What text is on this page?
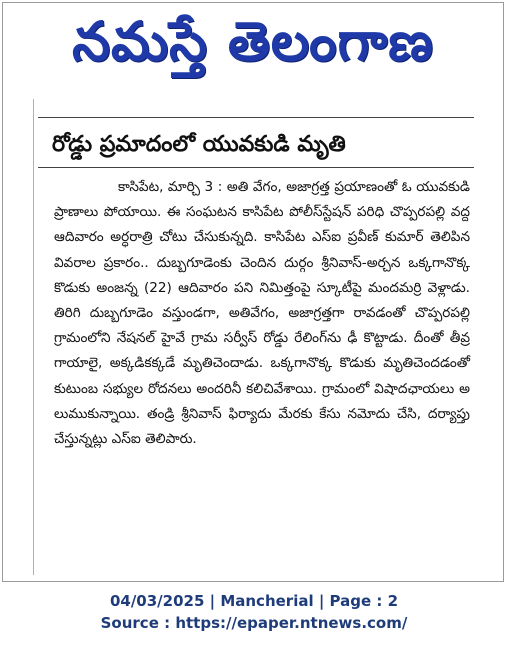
నమస్తే తెలంగాణ
రోడ్డు ప్రమాదంలో యువకుడి మృతి
కాసిపేట, మార్చి 3 : అతి వేగం, అజాగ్రత్త ప్రయాణంతో ఓ యువకుడి ప్రాణాలు పోయాయి. ఈ సంఘటన కాసిపేట పోలీస్‌స్టేషన్ పరిధి చొప్పరపల్లి వద్ద ఆదివారం అర్ధరాత్రి చోటు చేసుకున్నది. కాసిపేట ఎస్ఐ ప్రవీణ్ కుమార్ తెలిపిన వివరాల ప్రకారం.. దుబ్బగూడెంకు చెందిన దుర్గం శ్రీనివాస్-అర్చన ఒక్కగానొక్క కొడుకు అంజన్న (22) ఆదివారం పని నిమిత్తంపై స్కూటీపై మందమర్రి వెళ్లాడు. తిరిగి దుబ్బగూడెం వస్తుండగా, అతివేగం, అజాగ్రత్తగా రావడంతో చొప్పరపల్లి గ్రామంలోని నేషనల్ హైవే గ్రామ సర్వీస్ రోడ్డు రేలింగ్‌ను ఢీ కొట్టాడు. దీంతో తీవ్రగాయాలై, అక్కడికక్కడే మృతిచెందాడు. ఒక్కగానొక్క కొడుకు మృతిచెందడంతో కుటుంబ సభ్యుల రోదనలు అందరినీ కలిచివేశాయి. గ్రామంలో విషాదఛాయలు అలుముకున్నాయి. తండ్రి శ్రీనివాస్ ఫిర్యాదు మేరకు కేసు నమోదు చేసి, దర్యాప్తు చేస్తున్నట్లు ఎస్ఐ తెలిపారు.
04/03/2025 | Mancherial | Page : 2
Source : https://epaper.ntnews.com/
